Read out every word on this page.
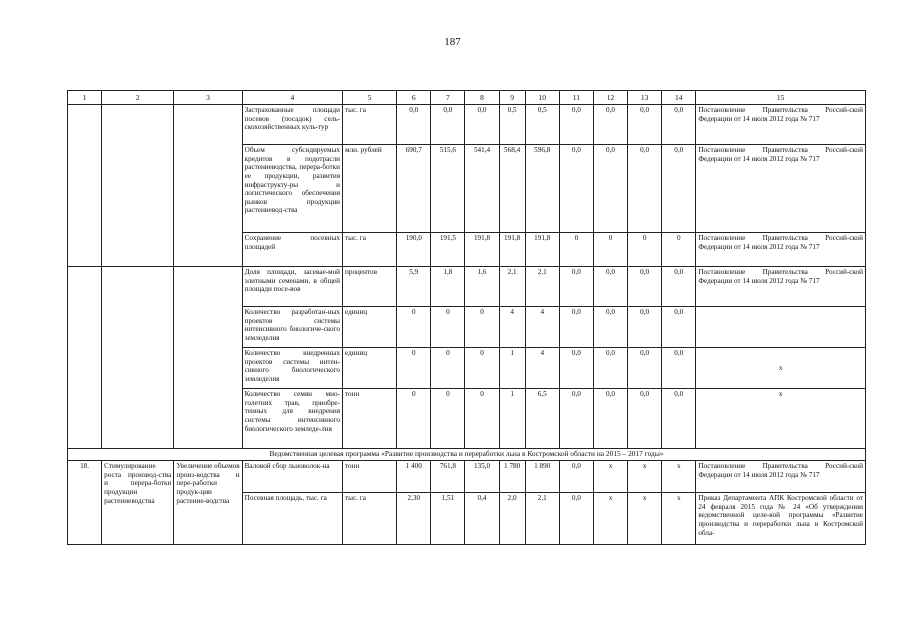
187
1	2	3	4	5	6	7	8	9	10	11	12	13	14	15
			Застрахованные площади посевов (посадок) сель-скохозяйственных куль-тур	тыс. га	0,0	0,0	0,0	0,5	0,5	0,0	0,0	0,0	0,0	Постановление Правительства Россий-ской Федерации от 14 июля 2012 года № 717
			Объем субсидируемых кредитов в подотрасли растениеводства, перера-ботки ее продукции, развития инфраструкту-ры и логистического обеспечения рынков продукции растениевод-ства	млн. рублей	690,7	515,6	541,4	568,4	596,8	0,0	0,0	0,0	0,0	Постановление Правительства Россий-ской Федерации от 14 июля 2012 года № 717
			Сохранение посевных площадей	тыс. га	190,0	191,5	191,8	191,8	191,8	0	0	0	0	Постановление Правительства Россий-ской Федерации от 14 июля 2012 года № 717
			Доля площади, засевае-мой элитными семенами, в общей площади посе-вов	процентов	5,9	1,8	1,6	2,1	2,1	0,0	0,0	0,0	0,0	Постановление Правительства Россий-ской Федерации от 14 июля 2012 года № 717
			Количество разработан-ных проектов системы интенсивного биологиче-ского земледелия	единиц	0	0	0	4	4	0,0	0,0	0,0	0,0	
			Количество внедренных проектов системы интен-сивного биологического земледелия	единиц	0	0	0	1	4	0,0	0,0	0,0	0,0	х
			Количество семян мно-голетних трав, приобре-тенных для внедрения системы интенсивного биологического земледе-лия	тонн	0	0	0	1	6,5	0,0	0,0	0,0	0,0	х
Ведомственная целевая программа «Развитие производства и переработки льна в Костромской области на 2015 – 2017 годы»														
18.	Стимулирование роста производ-ства и перера-ботки продукции растениеводства	Увеличение объемов произ-водства и пере-работки продук-ции растение-водства	Валовой сбор льноволок-на	тонн	1 400	761,8	135,0	1 780	1 890	0,0	х	х	х	Постановление Правительства Россий-ской Федерации от 14 июля 2012 года № 717
			Посевная площадь, тыс. га	тыс. га	2,30	1,51	0,4	2,0	2,1	0,0	х	х	х	Приказ Департамента АПК Костромской области от 24 февраля 2015 года № 24 «Об утверждении ведомственной целе-вой программы «Развитие производства и переработки льна в Костромской обла-
